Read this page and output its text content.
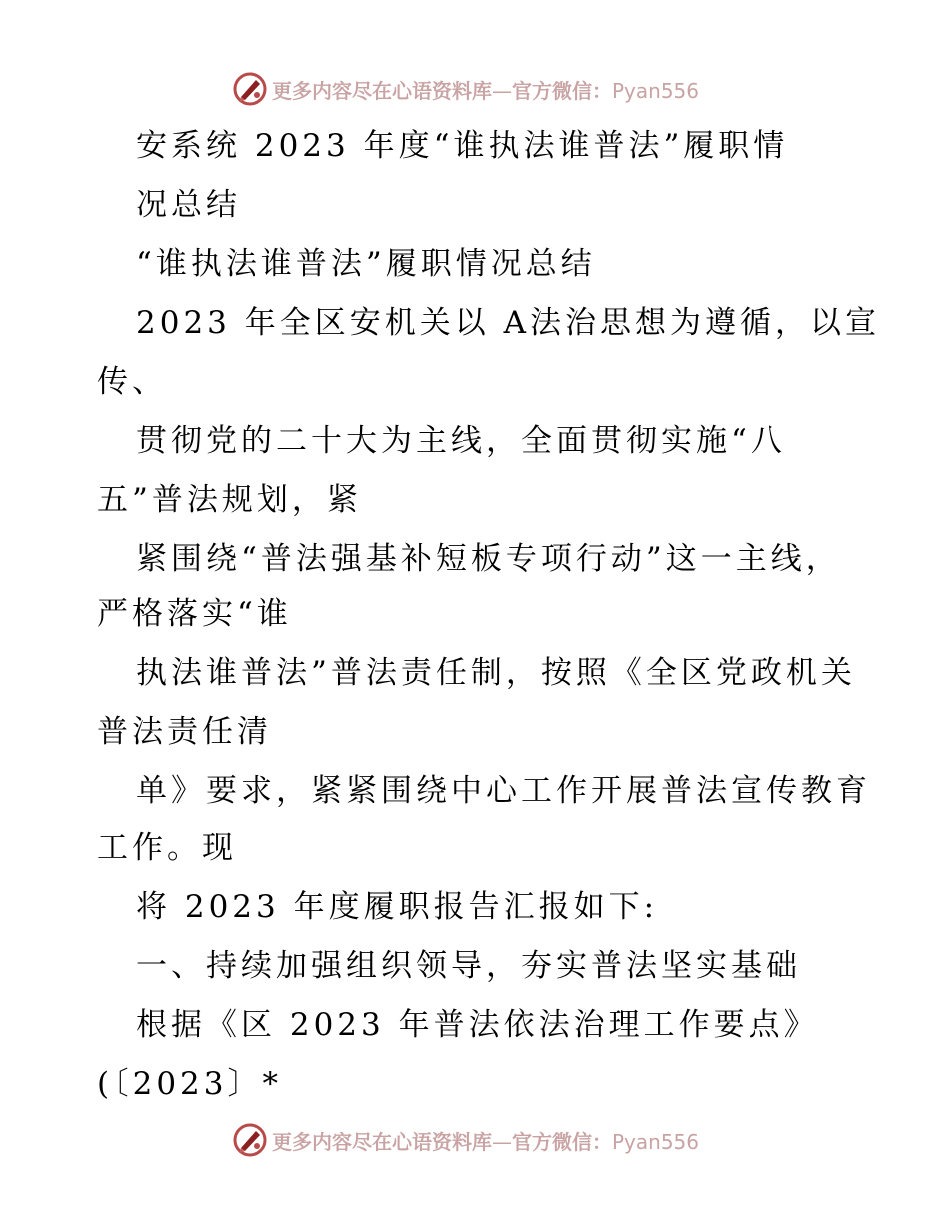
更多内容尽在心语资料库—官方微信：Pyan556
安系统 2023 年度“谁执法谁普法”履职情
况总结
“谁执法谁普法”履职情况总结
2023 年全区安机关以 A法治思想为遵循，以宣
传、
贯彻党的二十大为主线，全面贯彻实施“八
五”普法规划，紧
紧围绕“普法强基补短板专项行动”这一主线，
严格落实“谁
执法谁普法”普法责任制，按照《全区党政机关
普法责任清
单》要求，紧紧围绕中心工作开展普法宣传教育
工作。现
将 2023 年度履职报告汇报如下:
一、持续加强组织领导，夯实普法坚实基础
根据《区 2023 年普法依法治理工作要点》
(〔2023〕*
更多内容尽在心语资料库—官方微信：Pyan556
